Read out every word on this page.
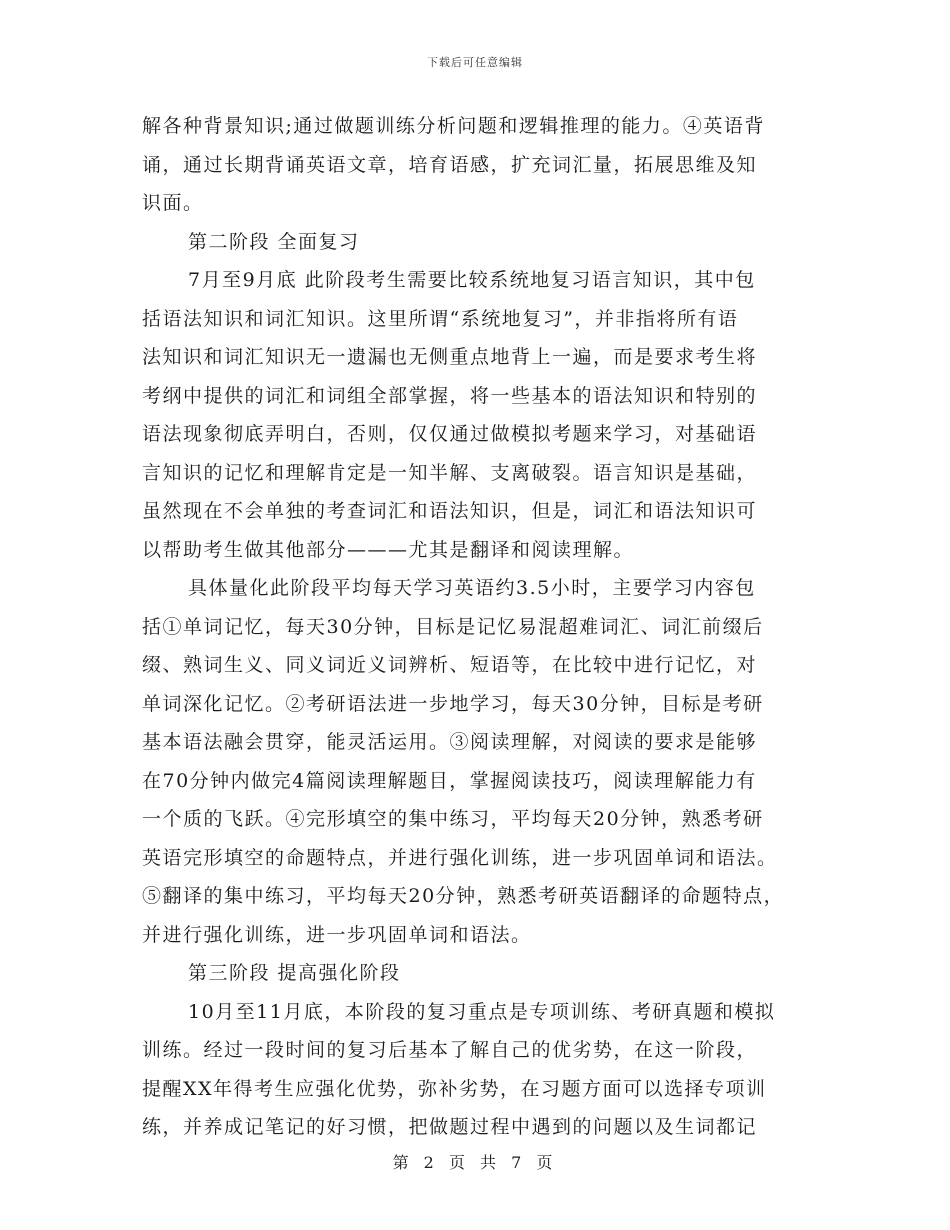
下载后可任意编辑
解各种背景知识;通过做题训练分析问题和逻辑推理的能力。④英语背
诵，通过长期背诵英语文章，培育语感，扩充词汇量，拓展思维及知
识面。
第二阶段 全面复习
7月至9月底 此阶段考生需要比较系统地复习语言知识，其中包
括语法知识和词汇知识。这里所谓“系统地复习”，并非指将所有语
法知识和词汇知识无一遗漏也无侧重点地背上一遍，而是要求考生将
考纲中提供的词汇和词组全部掌握，将一些基本的语法知识和特别的
语法现象彻底弄明白，否则，仅仅通过做模拟考题来学习，对基础语
言知识的记忆和理解肯定是一知半解、支离破裂。语言知识是基础，
虽然现在不会单独的考查词汇和语法知识，但是，词汇和语法知识可
以帮助考生做其他部分———尤其是翻译和阅读理解。
具体量化此阶段平均每天学习英语约3.5小时，主要学习内容包
括①单词记忆，每天30分钟，目标是记忆易混超难词汇、词汇前缀后
缀、熟词生义、同义词近义词辨析、短语等，在比较中进行记忆，对
单词深化记忆。②考研语法进一步地学习，每天30分钟，目标是考研
基本语法融会贯穿，能灵活运用。③阅读理解，对阅读的要求是能够
在70分钟内做完4篇阅读理解题目，掌握阅读技巧，阅读理解能力有
一个质的飞跃。④完形填空的集中练习，平均每天20分钟，熟悉考研
英语完形填空的命题特点，并进行强化训练，进一步巩固单词和语法。
⑤翻译的集中练习，平均每天20分钟，熟悉考研英语翻译的命题特点，
并进行强化训练，进一步巩固单词和语法。
第三阶段 提高强化阶段
10月至11月底，本阶段的复习重点是专项训练、考研真题和模拟
训练。经过一段时间的复习后基本了解自己的优劣势，在这一阶段，
提醒XX年得考生应强化优势，弥补劣势，在习题方面可以选择专项训
练，并养成记笔记的好习惯，把做题过程中遇到的问题以及生词都记
第 2 页 共 7 页
